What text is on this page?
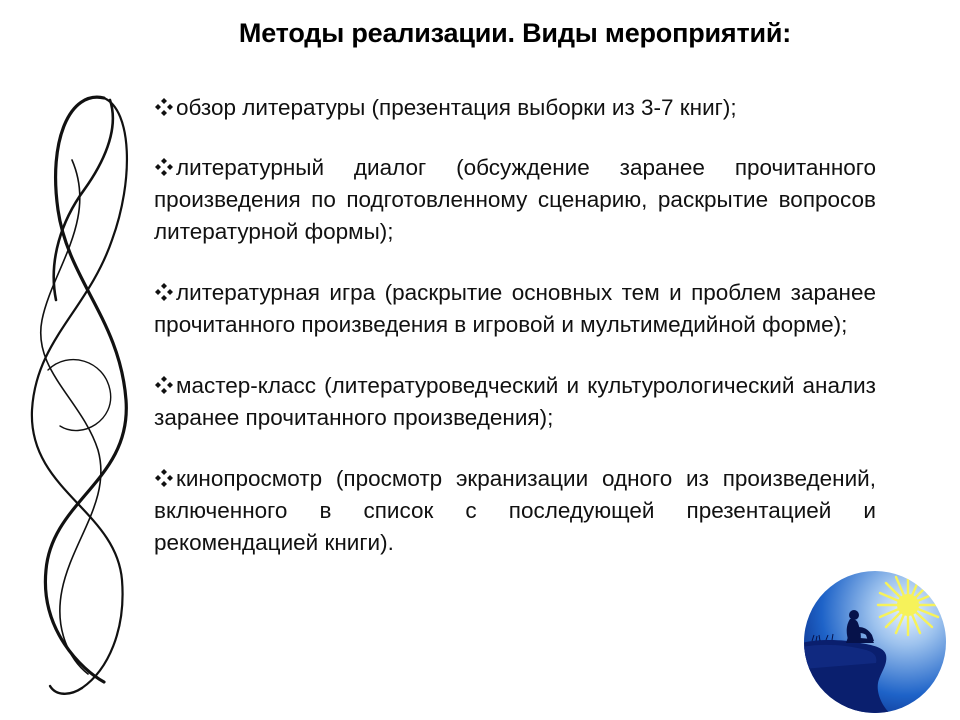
Методы реализации. Виды мероприятий:

обзор литературы (презентация выборки из 3-7 книг);

литературный диалог (обсуждение заранее прочитанного произведения по подготовленному сценарию, раскрытие вопросов литературной формы);

литературная игра (раскрытие основных тем и проблем заранее прочитанного произведения в игровой и мультимедийной форме);

мастер-класс (литературоведческий и культурологический анализ заранее прочитанного произведения);

кинопросмотр (просмотр экранизации одного из произведений, включенного в список с последующей презентацией и рекомендацией книги).
